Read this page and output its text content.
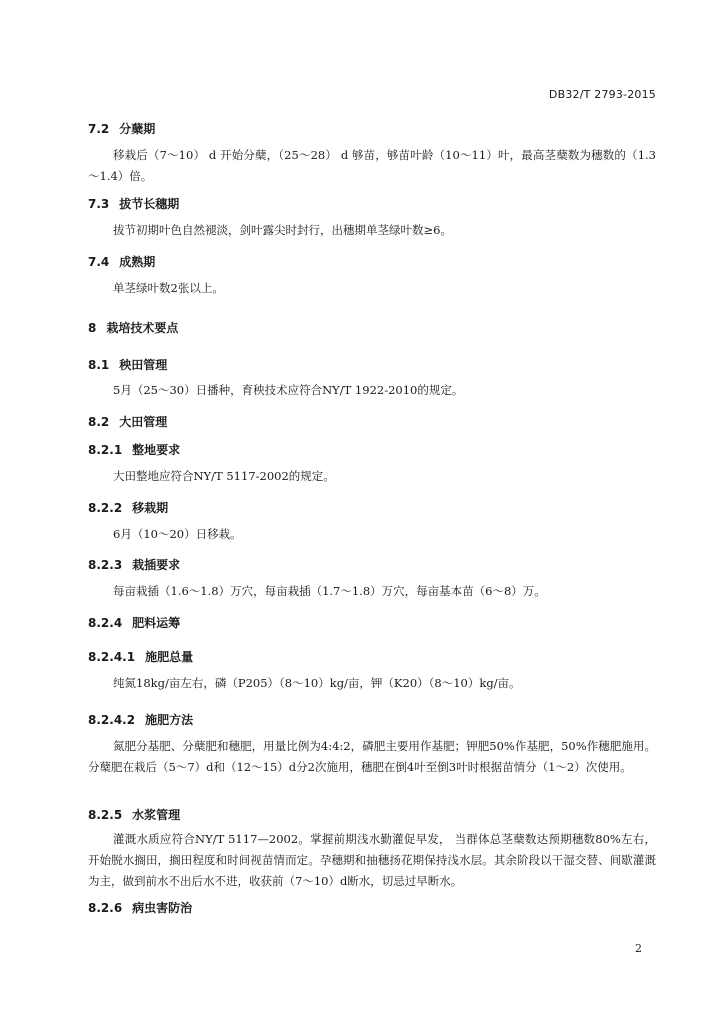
DB32/T 2793-2015
7.2 分蘖期
移栽后（7～10） d 开始分蘖，（25～28） d 够苗，够苗叶龄（10～11）叶，最高茎蘖数为穗数的（1.3～1.4）倍。
7.3 拔节长穗期
拔节初期叶色自然褪淡，剑叶露尖时封行，出穗期单茎绿叶数≥6。
7.4 成熟期
单茎绿叶数2张以上。
8 栽培技术要点
8.1 秧田管理
5月（25～30）日播种，育秧技术应符合NY/T 1922-2010的规定。
8.2 大田管理
8.2.1 整地要求
大田整地应符合NY/T 5117-2002的规定。
8.2.2 移栽期
6月（10～20）日移栽。
8.2.3 栽插要求
每亩栽插（1.6～1.8）万穴，每亩栽插（1.7～1.8）万穴，每亩基本苗（6～8）万。
8.2.4 肥料运筹
8.2.4.1 施肥总量
纯氮18kg/亩左右，磷（P205）（8～10）kg/亩，钾（K20）（8～10）kg/亩。
8.2.4.2 施肥方法
氮肥分基肥、分蘖肥和穗肥，用量比例为4:4:2，磷肥主要用作基肥；钾肥50%作基肥，50%作穗肥施用。分蘖肥在栽后（5～7）d和（12～15）d分2次施用，穗肥在倒4叶至倒3叶时根据苗情分（1～2）次使用。
8.2.5 水浆管理
灌溉水质应符合NY/T 5117—2002。掌握前期浅水勤灌促早发， 当群体总茎蘖数达预期穗数80%左右，开始脱水搁田，搁田程度和时间视苗情而定。孕穗期和抽穗扬花期保持浅水层。其余阶段以干湿交替、间歇灌溉为主，做到前水不出后水不进，收获前（7～10）d断水，切忌过早断水。
8.2.6 病虫害防治
2
